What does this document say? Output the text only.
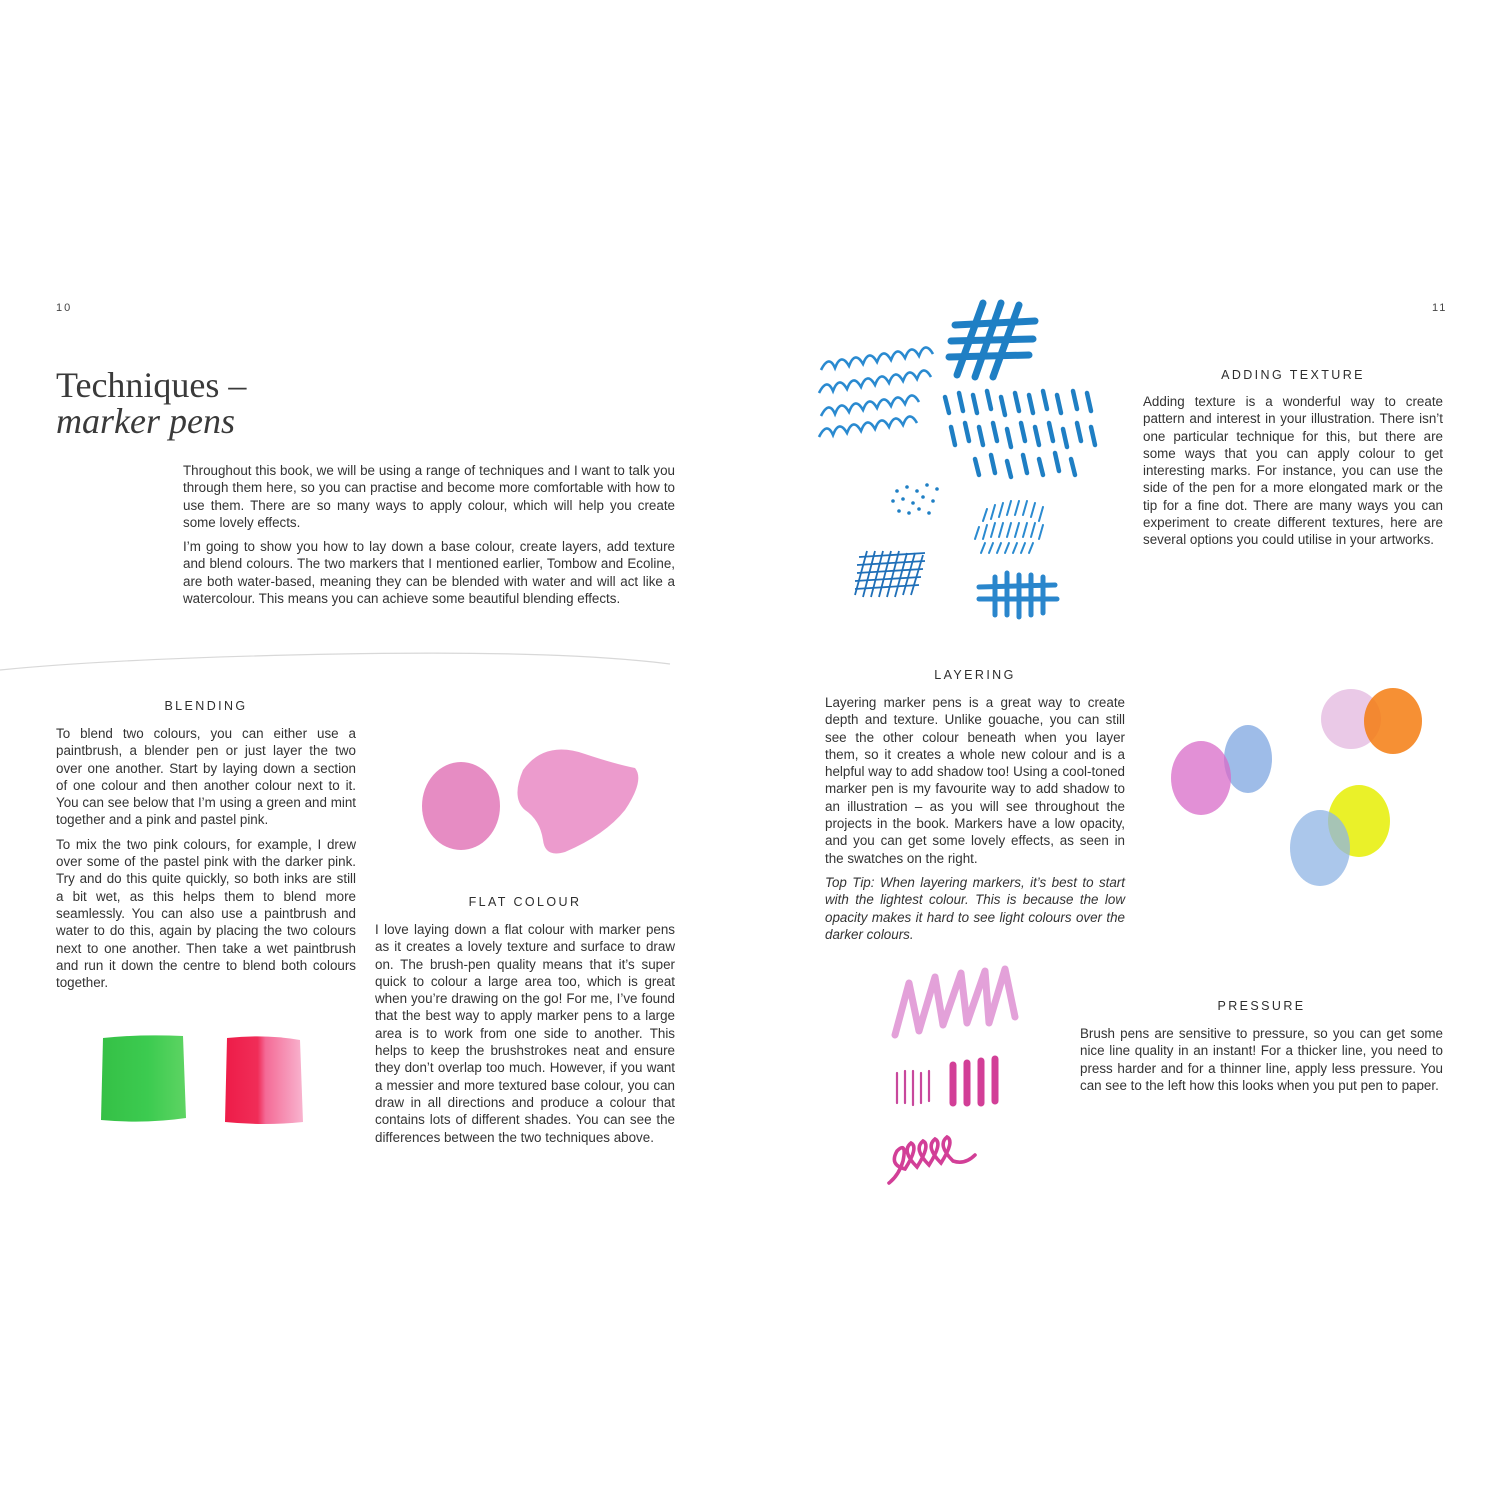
10	11
Techniques –
marker pens

Throughout this book, we will be using a range of techniques and I want to talk you through them here, so you can practise and become more comfortable with how to use them. There are so many ways to apply colour, which will help you create some lovely effects.

I’m going to show you how to lay down a base colour, create layers, add texture and blend colours. The two markers that I mentioned earlier, Tombow and Ecoline, are both water-based, meaning they can be blended with water and will act like a watercolour. This means you can achieve some beautiful blending effects.

BLENDING

To blend two colours, you can either use a paintbrush, a blender pen or just layer the two over one another. Start by laying down a section of one colour and then another colour next to it. You can see below that I’m using a green and mint together and a pink and pastel pink.

To mix the two pink colours, for example, I drew over some of the pastel pink with the darker pink. Try and do this quite quickly, so both inks are still a bit wet, as this helps them to blend more seamlessly. You can also use a paintbrush and water to do this, again by placing the two colours next to one another. Then take a wet paintbrush and run it down the centre to blend both colours together.

FLAT COLOUR

I love laying down a flat colour with marker pens as it creates a lovely texture and surface to draw on. The brush-pen quality means that it’s super quick to colour a large area too, which is great when you’re drawing on the go! For me, I’ve found that the best way to apply marker pens to a large area is to work from one side to another. This helps to keep the brushstrokes neat and ensure they don’t overlap too much. However, if you want a messier and more textured base colour, you can draw in all directions and produce a colour that contains lots of different shades. You can see the differences between the two techniques above.

ADDING TEXTURE

Adding texture is a wonderful way to create pattern and interest in your illustration. There isn’t one particular technique for this, but there are some ways that you can apply colour to get interesting marks. For instance, you can use the side of the pen for a more elongated mark or the tip for a fine dot. There are many ways you can experiment to create different textures, here are several options you could utilise in your artworks.

LAYERING

Layering marker pens is a great way to create depth and texture. Unlike gouache, you can still see the other colour beneath when you layer them, so it creates a whole new colour and is a helpful way to add shadow too! Using a cool-toned marker pen is my favourite way to add shadow to an illustration – as you will see throughout the projects in the book. Markers have a low opacity, and you can get some lovely effects, as seen in the swatches on the right.

Top Tip: When layering markers, it’s best to start with the lightest colour. This is because the low opacity makes it hard to see light colours over the darker colours.

PRESSURE

Brush pens are sensitive to pressure, so you can get some nice line quality in an instant! For a thicker line, you need to press harder and for a thinner line, apply less pressure. You can see to the left how this looks when you put pen to paper.
